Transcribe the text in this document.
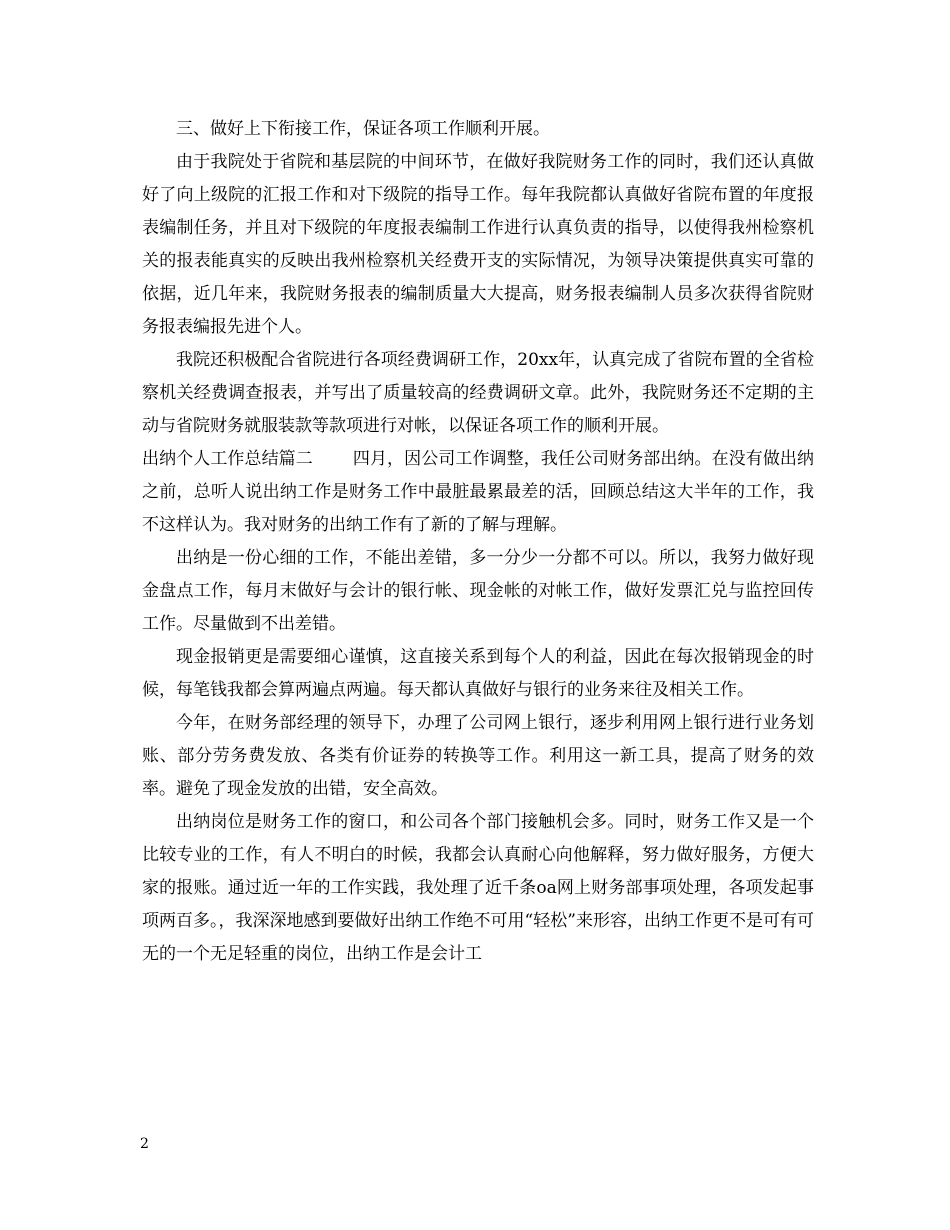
三、做好上下衔接工作，保证各项工作顺利开展。

由于我院处于省院和基层院的中间环节，在做好我院财务工作的同时，我们还认真做好了向上级院的汇报工作和对下级院的指导工作。每年我院都认真做好省院布置的年度报表编制任务，并且对下级院的年度报表编制工作进行认真负责的指导，以使得我州检察机关的报表能真实的反映出我州检察机关经费开支的实际情况，为领导决策提供真实可靠的依据，近几年来，我院财务报表的编制质量大大提高，财务报表编制人员多次获得省院财务报表编报先进个人。

我院还积极配合省院进行各项经费调研工作，20xx年，认真完成了省院布置的全省检察机关经费调查报表，并写出了质量较高的经费调研文章。此外，我院财务还不定期的主动与省院财务就服装款等款项进行对帐，以保证各项工作的顺利开展。

出纳个人工作总结篇二 四月，因公司工作调整，我任公司财务部出纳。在没有做出纳之前，总听人说出纳工作是财务工作中最脏最累最差的活，回顾总结这大半年的工作，我不这样认为。我对财务的出纳工作有了新的了解与理解。

出纳是一份心细的工作，不能出差错，多一分少一分都不可以。所以，我努力做好现金盘点工作，每月末做好与会计的银行帐、现金帐的对帐工作，做好发票汇兑与监控回传工作。尽量做到不出差错。

现金报销更是需要细心谨慎，这直接关系到每个人的利益，因此在每次报销现金的时候，每笔钱我都会算两遍点两遍。每天都认真做好与银行的业务来往及相关工作。

今年，在财务部经理的领导下，办理了公司网上银行，逐步利用网上银行进行业务划账、部分劳务费发放、各类有价证券的转换等工作。利用这一新工具，提高了财务的效率。避免了现金发放的出错，安全高效。

出纳岗位是财务工作的窗口，和公司各个部门接触机会多。同时，财务工作又是一个比较专业的工作，有人不明白的时候，我都会认真耐心向他解释，努力做好服务，方便大家的报账。通过近一年的工作实践，我处理了近千条oa网上财务部事项处理，各项发起事项两百多。，我深深地感到要做好出纳工作绝不可用“轻松”来形容，出纳工作更不是可有可无的一个无足轻重的岗位，出纳工作是会计工

2
